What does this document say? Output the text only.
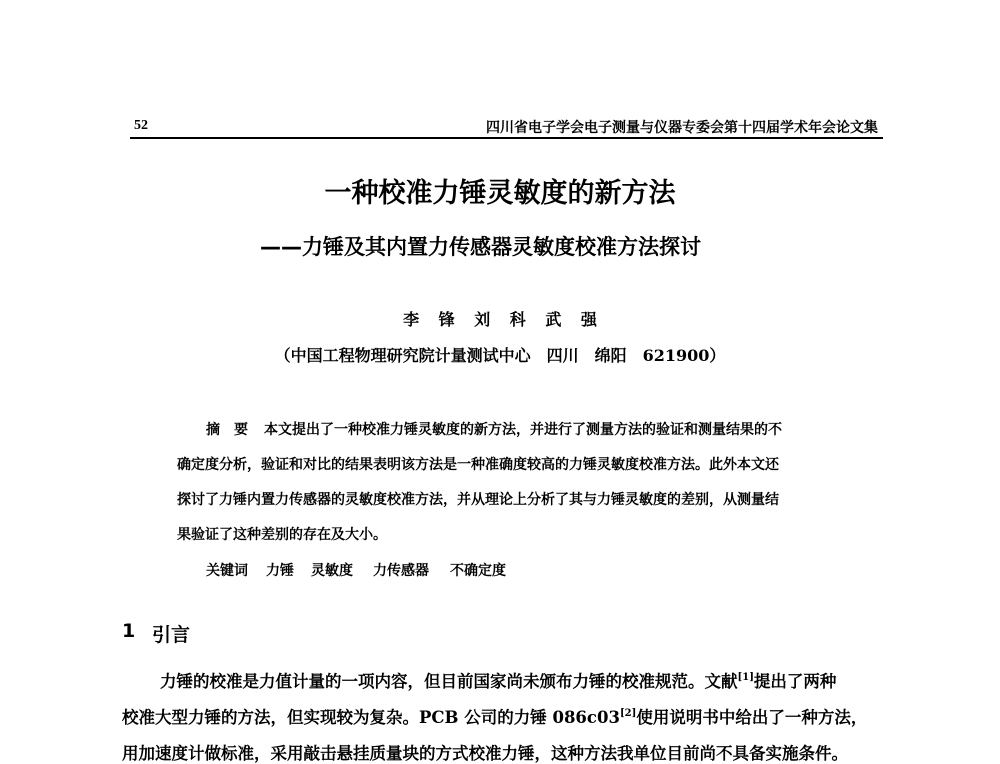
52	四川省电子学会电子测量与仪器专委会第十四届学术年会论文集
一种校准力锤灵敏度的新方法
——力锤及其内置力传感器灵敏度校准方法探讨
李 锋 刘 科 武 强
（中国工程物理研究院计量测试中心　四川　绵阳　621900）
摘　要 本文提出了一种校准力锤灵敏度的新方法，并进行了测量方法的验证和测量结果的不
确定度分析，验证和对比的结果表明该方法是一种准确度较高的力锤灵敏度校准方法。此外本文还
探讨了力锤内置力传感器的灵敏度校准方法，并从理论上分析了其与力锤灵敏度的差别，从测量结
果验证了这种差别的存在及大小。
关键词 力锤 灵敏度 力传感器 不确定度
1 引言
力锤的校准是力值计量的一项内容，但目前国家尚未颁布力锤的校准规范。文献[1]提出了两种
校准大型力锤的方法，但实现较为复杂。PCB 公司的力锤 086c03[2]使用说明书中给出了一种方法，
用加速度计做标准，采用敲击悬挂质量块的方式校准力锤，这种方法我单位目前尚不具备实施条件。
